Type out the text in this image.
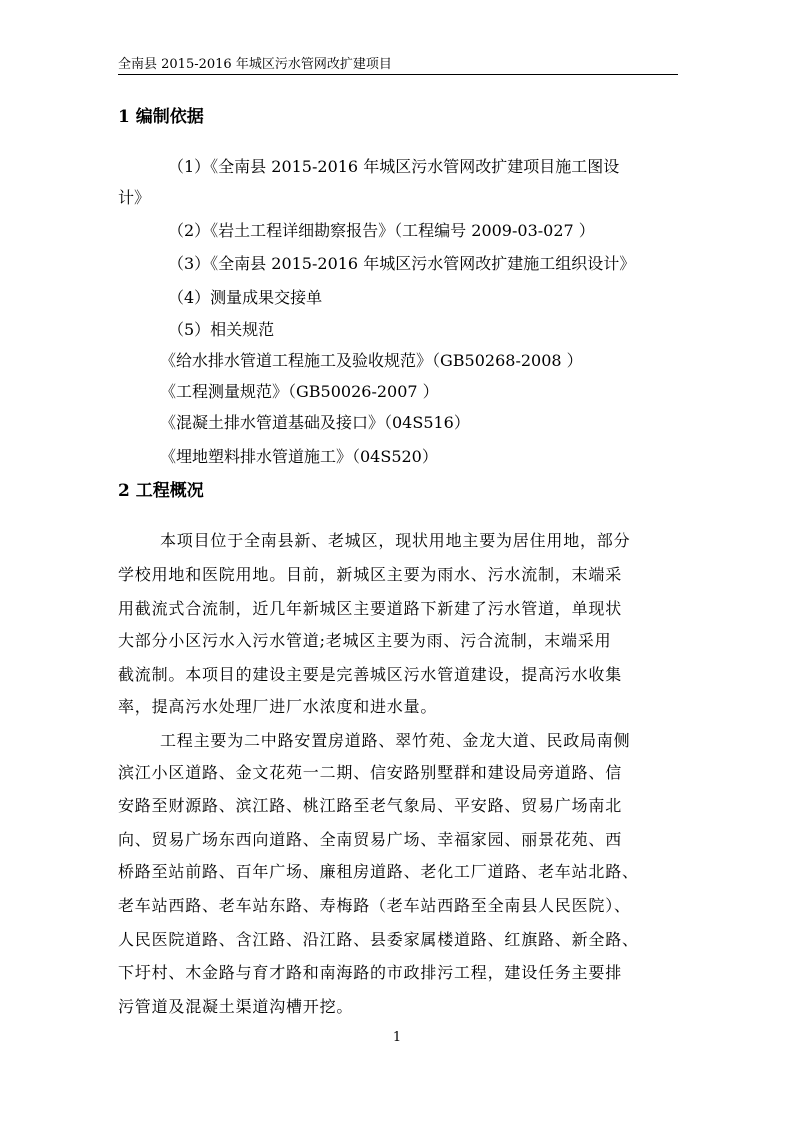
全南县 2015-2016 年城区污水管网改扩建项目
1 编制依据
（1）《全南县 2015-2016 年城区污水管网改扩建项目施工图设
计》
（2）《岩土工程详细勘察报告》（工程编号 2009-03-027 ）
（3）《全南县 2015-2016 年城区污水管网改扩建施工组织设计》
（4）测量成果交接单
（5）相关规范
《给水排水管道工程施工及验收规范》（GB50268-2008 ）
《工程测量规范》（GB50026-2007 ）
《混凝土排水管道基础及接口》（04S516）
《埋地塑料排水管道施工》（04S520）
2 工程概况
本项目位于全南县新、老城区，现状用地主要为居住用地，部分
学校用地和医院用地。目前，新城区主要为雨水、污水流制，末端采
用截流式合流制，近几年新城区主要道路下新建了污水管道，单现状
大部分小区污水入污水管道;老城区主要为雨、污合流制，末端采用
截流制。本项目的建设主要是完善城区污水管道建设，提高污水收集
率，提高污水处理厂进厂水浓度和进水量。
工程主要为二中路安置房道路、翠竹苑、金龙大道、民政局南侧
滨江小区道路、金文花苑一二期、信安路别墅群和建设局旁道路、信
安路至财源路、滨江路、桃江路至老气象局、平安路、贸易广场南北
向、贸易广场东西向道路、全南贸易广场、幸福家园、丽景花苑、西
桥路至站前路、百年广场、廉租房道路、老化工厂道路、老车站北路、
老车站西路、老车站东路、寿梅路（老车站西路至全南县人民医院）、
人民医院道路、含江路、沿江路、县委家属楼道路、红旗路、新全路、
下圩村、木金路与育才路和南海路的市政排污工程，建设任务主要排
污管道及混凝土渠道沟槽开挖。
1
